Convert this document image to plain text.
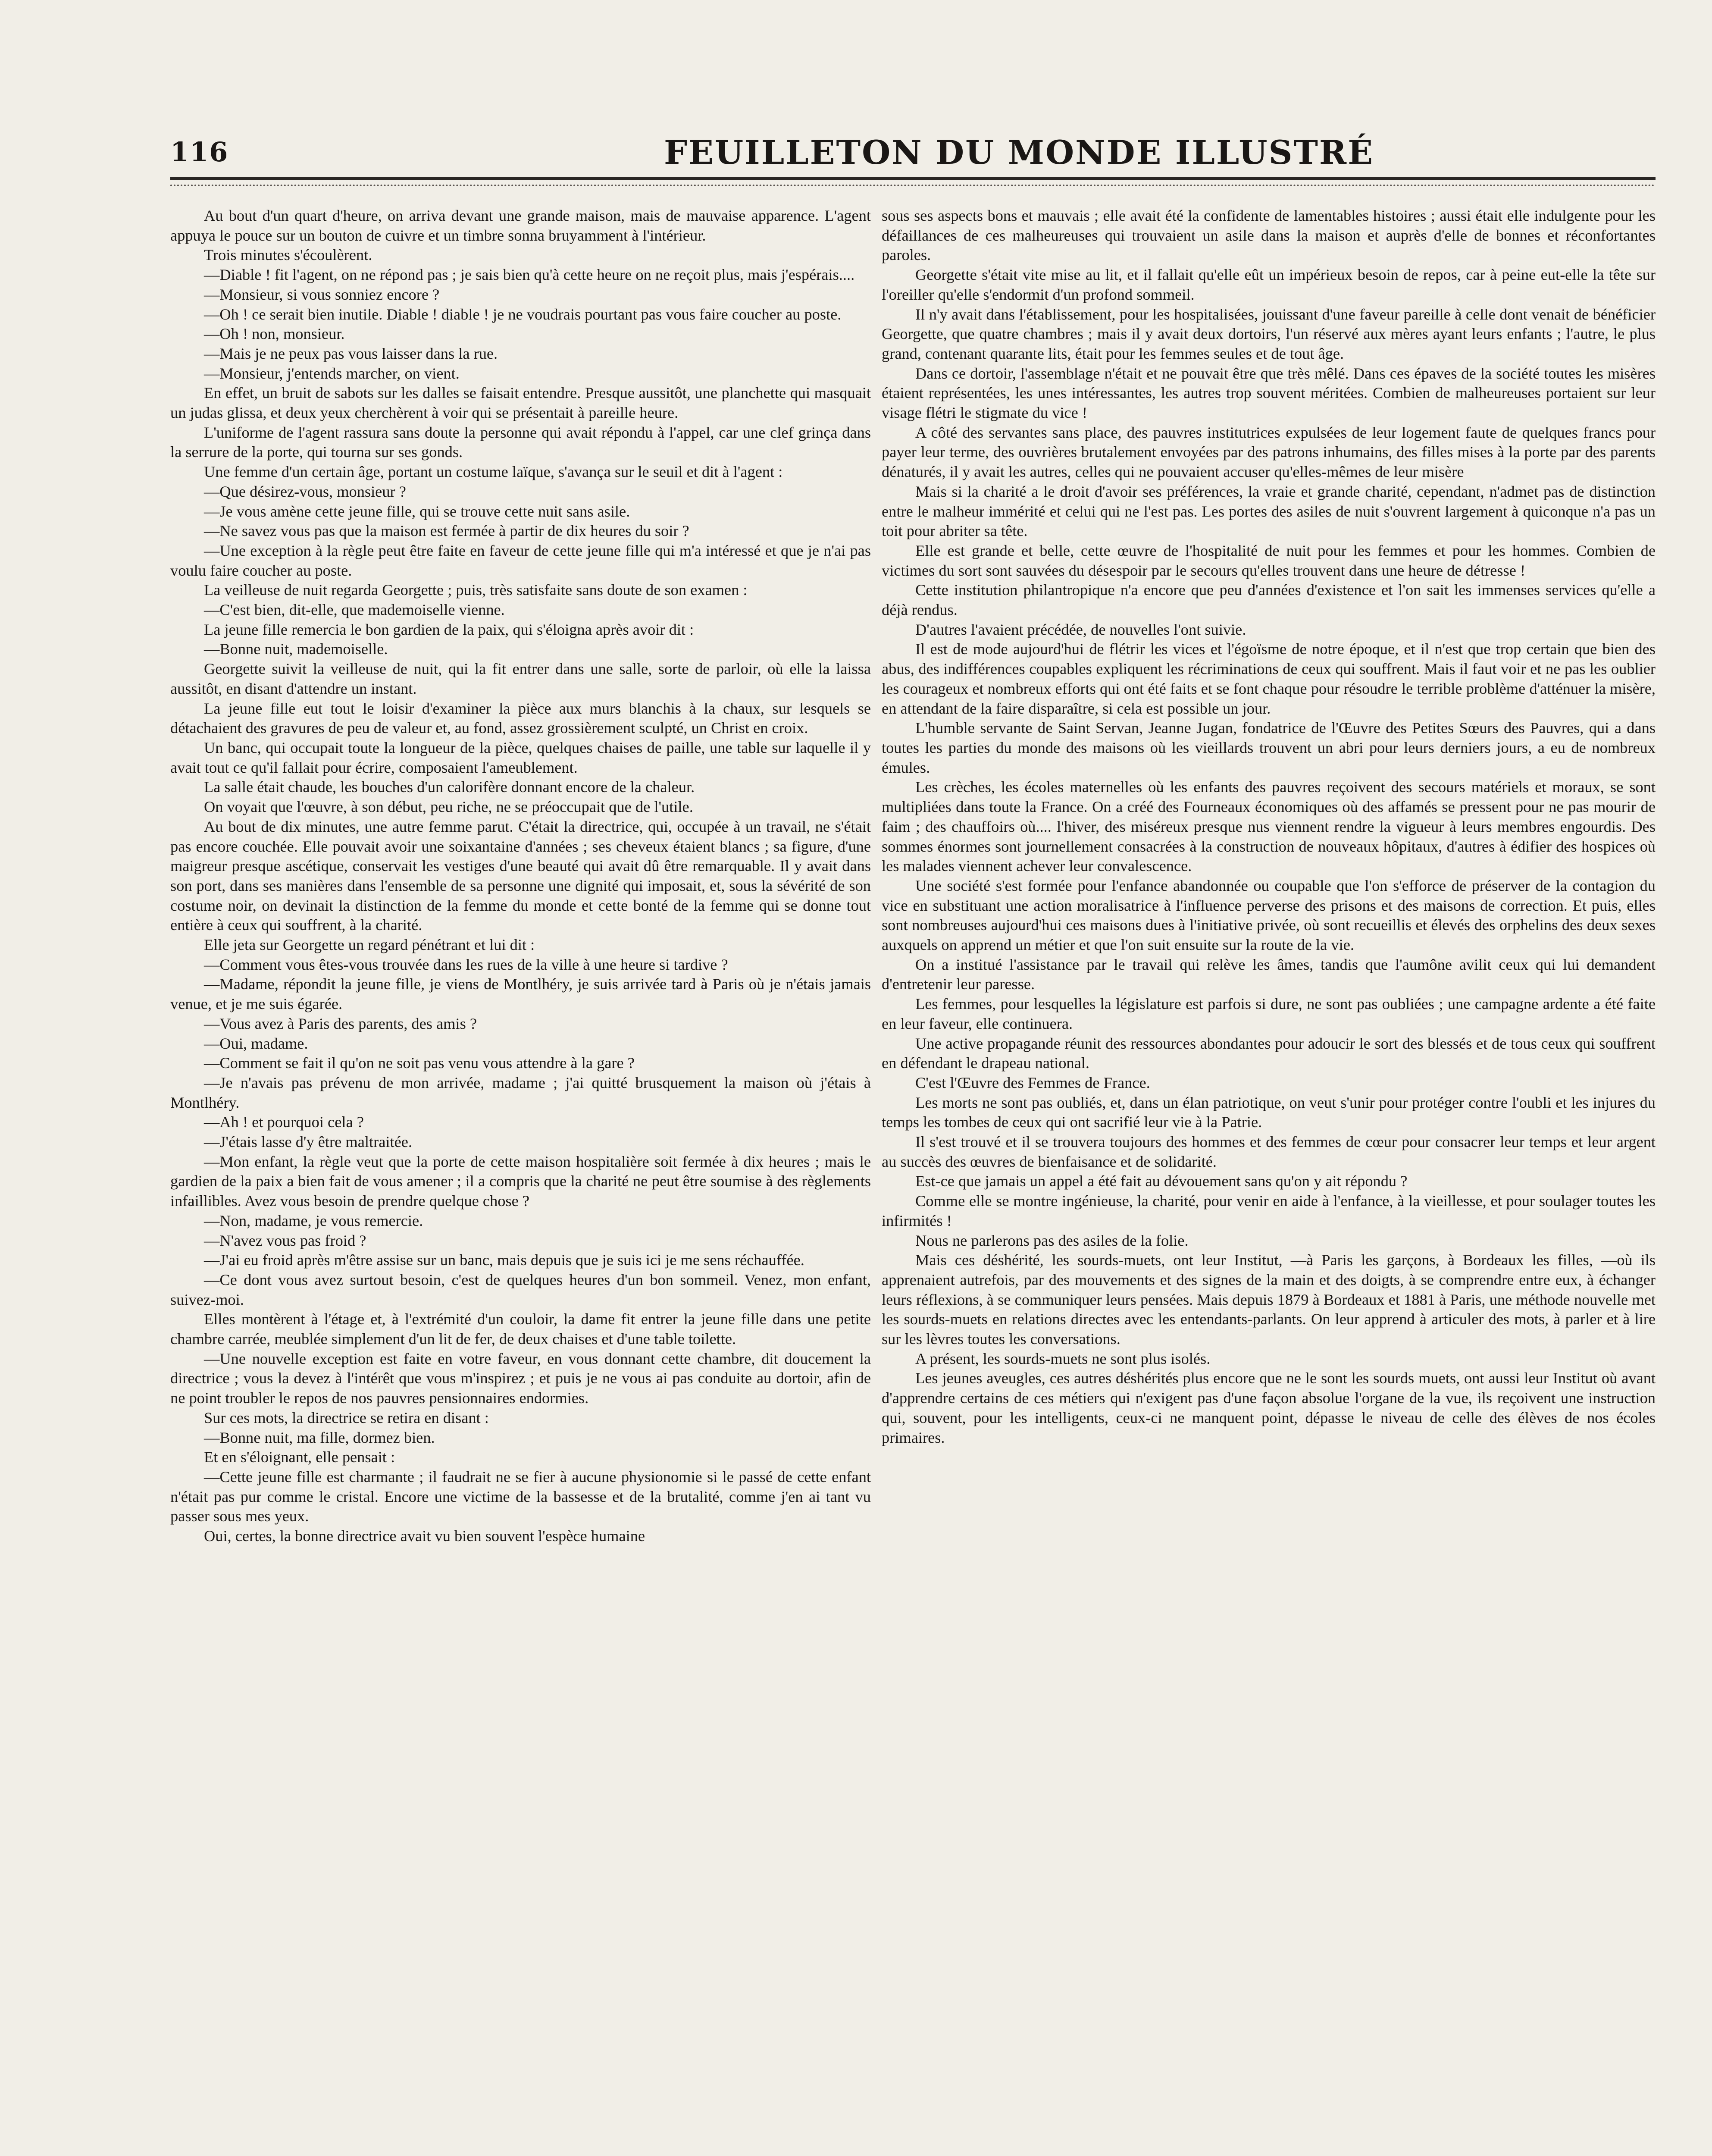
116	FEUILLETON DU MONDE ILLUSTRÉ

Au bout d'un quart d'heure, on arriva devant une grande maison, mais de mauvaise apparence. L'agent appuya le pouce sur un bouton de cuivre et un timbre sonna bruyamment à l'intérieur.

Trois minutes s'écoulèrent.

—Diable ! fit l'agent, on ne répond pas ; je sais bien qu'à cette heure on ne reçoit plus, mais j'espérais....

—Monsieur, si vous sonniez encore ?

—Oh ! ce serait bien inutile. Diable ! diable ! je ne voudrais pourtant pas vous faire coucher au poste.

—Oh ! non, monsieur.

—Mais je ne peux pas vous laisser dans la rue.

—Monsieur, j'entends marcher, on vient.

En effet, un bruit de sabots sur les dalles se faisait entendre. Presque aussitôt, une planchette qui masquait un judas glissa, et deux yeux cherchèrent à voir qui se présentait à pareille heure.

L'uniforme de l'agent rassura sans doute la personne qui avait répondu à l'appel, car une clef grinça dans la serrure de la porte, qui tourna sur ses gonds.

Une femme d'un certain âge, portant un costume laïque, s'avança sur le seuil et dit à l'agent :

—Que désirez-vous, monsieur ?

—Je vous amène cette jeune fille, qui se trouve cette nuit sans asile.

—Ne savez vous pas que la maison est fermée à partir de dix heures du soir ?

—Une exception à la règle peut être faite en faveur de cette jeune fille qui m'a intéressé et que je n'ai pas voulu faire coucher au poste.

La veilleuse de nuit regarda Georgette ; puis, très satisfaite sans doute de son examen :

—C'est bien, dit-elle, que mademoiselle vienne.

La jeune fille remercia le bon gardien de la paix, qui s'éloigna après avoir dit :

—Bonne nuit, mademoiselle.

Georgette suivit la veilleuse de nuit, qui la fit entrer dans une salle, sorte de parloir, où elle la laissa aussitôt, en disant d'attendre un instant.

La jeune fille eut tout le loisir d'examiner la pièce aux murs blanchis à la chaux, sur lesquels se détachaient des gravures de peu de valeur et, au fond, assez grossièrement sculpté, un Christ en croix.

Un banc, qui occupait toute la longueur de la pièce, quelques chaises de paille, une table sur laquelle il y avait tout ce qu'il fallait pour écrire, composaient l'ameublement.

La salle était chaude, les bouches d'un calorifère donnant encore de la chaleur.

On voyait que l'œuvre, à son début, peu riche, ne se préoccupait que de l'utile.

Au bout de dix minutes, une autre femme parut. C'était la directrice, qui, occupée à un travail, ne s'était pas encore couchée. Elle pouvait avoir une soixantaine d'années ; ses cheveux étaient blancs ; sa figure, d'une maigreur presque ascétique, conservait les vestiges d'une beauté qui avait dû être remarquable. Il y avait dans son port, dans ses manières dans l'ensemble de sa personne une dignité qui imposait, et, sous la sévérité de son costume noir, on devinait la distinction de la femme du monde et cette bonté de la femme qui se donne tout entière à ceux qui souffrent, à la charité.

Elle jeta sur Georgette un regard pénétrant et lui dit :

—Comment vous êtes-vous trouvée dans les rues de la ville à une heure si tardive ?

—Madame, répondit la jeune fille, je viens de Montlhéry, je suis arrivée tard à Paris où je n'étais jamais venue, et je me suis égarée.

—Vous avez à Paris des parents, des amis ?

—Oui, madame.

—Comment se fait il qu'on ne soit pas venu vous attendre à la gare ?

—Je n'avais pas prévenu de mon arrivée, madame ; j'ai quitté brusquement la maison où j'étais à Montlhéry.

—Ah ! et pourquoi cela ?

—J'étais lasse d'y être maltraitée.

—Mon enfant, la règle veut que la porte de cette maison hospitalière soit fermée à dix heures ; mais le gardien de la paix a bien fait de vous amener ; il a compris que la charité ne peut être soumise à des règlements infaillibles. Avez vous besoin de prendre quelque chose ?

—Non, madame, je vous remercie.

—N'avez vous pas froid ?

—J'ai eu froid après m'être assise sur un banc, mais depuis que je suis ici je me sens réchauffée.

—Ce dont vous avez surtout besoin, c'est de quelques heures d'un bon sommeil. Venez, mon enfant, suivez-moi.

Elles montèrent à l'étage et, à l'extrémité d'un couloir, la dame fit entrer la jeune fille dans une petite chambre carrée, meublée simplement d'un lit de fer, de deux chaises et d'une table toilette.

—Une nouvelle exception est faite en votre faveur, en vous donnant cette chambre, dit doucement la directrice ; vous la devez à l'intérêt que vous m'inspirez ; et puis je ne vous ai pas conduite au dortoir, afin de ne point troubler le repos de nos pauvres pensionnaires endormies.

Sur ces mots, la directrice se retira en disant :

—Bonne nuit, ma fille, dormez bien.

Et en s'éloignant, elle pensait :

—Cette jeune fille est charmante ; il faudrait ne se fier à aucune physionomie si le passé de cette enfant n'était pas pur comme le cristal. Encore une victime de la bassesse et de la brutalité, comme j'en ai tant vu passer sous mes yeux.

Oui, certes, la bonne directrice avait vu bien souvent l'espèce humaine

sous ses aspects bons et mauvais ; elle avait été la confidente de lamentables histoires ; aussi était elle indulgente pour les défaillances de ces malheureuses qui trouvaient un asile dans la maison et auprès d'elle de bonnes et réconfortantes paroles.

Georgette s'était vite mise au lit, et il fallait qu'elle eût un impérieux besoin de repos, car à peine eut-elle la tête sur l'oreiller qu'elle s'endormit d'un profond sommeil.

Il n'y avait dans l'établissement, pour les hospitalisées, jouissant d'une faveur pareille à celle dont venait de bénéficier Georgette, que quatre chambres ; mais il y avait deux dortoirs, l'un réservé aux mères ayant leurs enfants ; l'autre, le plus grand, contenant quarante lits, était pour les femmes seules et de tout âge.

Dans ce dortoir, l'assemblage n'était et ne pouvait être que très mêlé. Dans ces épaves de la société toutes les misères étaient représentées, les unes intéressantes, les autres trop souvent méritées. Combien de malheureuses portaient sur leur visage flétri le stigmate du vice !

A côté des servantes sans place, des pauvres institutrices expulsées de leur logement faute de quelques francs pour payer leur terme, des ouvrières brutalement envoyées par des patrons inhumains, des filles mises à la porte par des parents dénaturés, il y avait les autres, celles qui ne pouvaient accuser qu'elles-mêmes de leur misère

Mais si la charité a le droit d'avoir ses préférences, la vraie et grande charité, cependant, n'admet pas de distinction entre le malheur immérité et celui qui ne l'est pas. Les portes des asiles de nuit s'ouvrent largement à quiconque n'a pas un toit pour abriter sa tête.

Elle est grande et belle, cette œuvre de l'hospitalité de nuit pour les femmes et pour les hommes. Combien de victimes du sort sont sauvées du désespoir par le secours qu'elles trouvent dans une heure de détresse !

Cette institution philantropique n'a encore que peu d'années d'existence et l'on sait les immenses services qu'elle a déjà rendus.

D'autres l'avaient précédée, de nouvelles l'ont suivie.

Il est de mode aujourd'hui de flétrir les vices et l'égoïsme de notre époque, et il n'est que trop certain que bien des abus, des indifférences coupables expliquent les récriminations de ceux qui souffrent. Mais il faut voir et ne pas les oublier les courageux et nombreux efforts qui ont été faits et se font chaque pour résoudre le terrible problème d'atténuer la misère, en attendant de la faire disparaître, si cela est possible un jour.

L'humble servante de Saint Servan, Jeanne Jugan, fondatrice de l'Œuvre des Petites Sœurs des Pauvres, qui a dans toutes les parties du monde des maisons où les vieillards trouvent un abri pour leurs derniers jours, a eu de nombreux émules.

Les crèches, les écoles maternelles où les enfants des pauvres reçoivent des secours matériels et moraux, se sont multipliées dans toute la France. On a créé des Fourneaux économiques où des affamés se pressent pour ne pas mourir de faim ; des chauffoirs où.... l'hiver, des miséreux presque nus viennent rendre la vigueur à leurs membres engourdis. Des sommes énormes sont journellement consacrées à la construction de nouveaux hôpitaux, d'autres à édifier des hospices où les malades viennent achever leur convalescence.

Une société s'est formée pour l'enfance abandonnée ou coupable que l'on s'efforce de préserver de la contagion du vice en substituant une action moralisatrice à l'influence perverse des prisons et des maisons de correction. Et puis, elles sont nombreuses aujourd'hui ces maisons dues à l'initiative privée, où sont recueillis et élevés des orphelins des deux sexes auxquels on apprend un métier et que l'on suit ensuite sur la route de la vie.

On a institué l'assistance par le travail qui relève les âmes, tandis que l'aumône avilit ceux qui lui demandent d'entretenir leur paresse.

Les femmes, pour lesquelles la législature est parfois si dure, ne sont pas oubliées ; une campagne ardente a été faite en leur faveur, elle continuera.

Une active propagande réunit des ressources abondantes pour adoucir le sort des blessés et de tous ceux qui souffrent en défendant le drapeau national.

C'est l'Œuvre des Femmes de France.

Les morts ne sont pas oubliés, et, dans un élan patriotique, on veut s'unir pour protéger contre l'oubli et les injures du temps les tombes de ceux qui ont sacrifié leur vie à la Patrie.

Il s'est trouvé et il se trouvera toujours des hommes et des femmes de cœur pour consacrer leur temps et leur argent au succès des œuvres de bienfaisance et de solidarité.

Est-ce que jamais un appel a été fait au dévouement sans qu'on y ait répondu ?

Comme elle se montre ingénieuse, la charité, pour venir en aide à l'enfance, à la vieillesse, et pour soulager toutes les infirmités !

Nous ne parlerons pas des asiles de la folie.

Mais ces déshérité, les sourds-muets, ont leur Institut, —à Paris les garçons, à Bordeaux les filles, —où ils apprenaient autrefois, par des mouvements et des signes de la main et des doigts, à se comprendre entre eux, à échanger leurs réflexions, à se communiquer leurs pensées. Mais depuis 1879 à Bordeaux et 1881 à Paris, une méthode nouvelle met les sourds-muets en relations directes avec les entendants-parlants. On leur apprend à articuler des mots, à parler et à lire sur les lèvres toutes les conversations.

A présent, les sourds-muets ne sont plus isolés.

Les jeunes aveugles, ces autres déshérités plus encore que ne le sont les sourds muets, ont aussi leur Institut où avant d'apprendre certains de ces métiers qui n'exigent pas d'une façon absolue l'organe de la vue, ils reçoivent une instruction qui, souvent, pour les intelligents, ceux-ci ne manquent point, dépasse le niveau de celle des élèves de nos écoles primaires.
